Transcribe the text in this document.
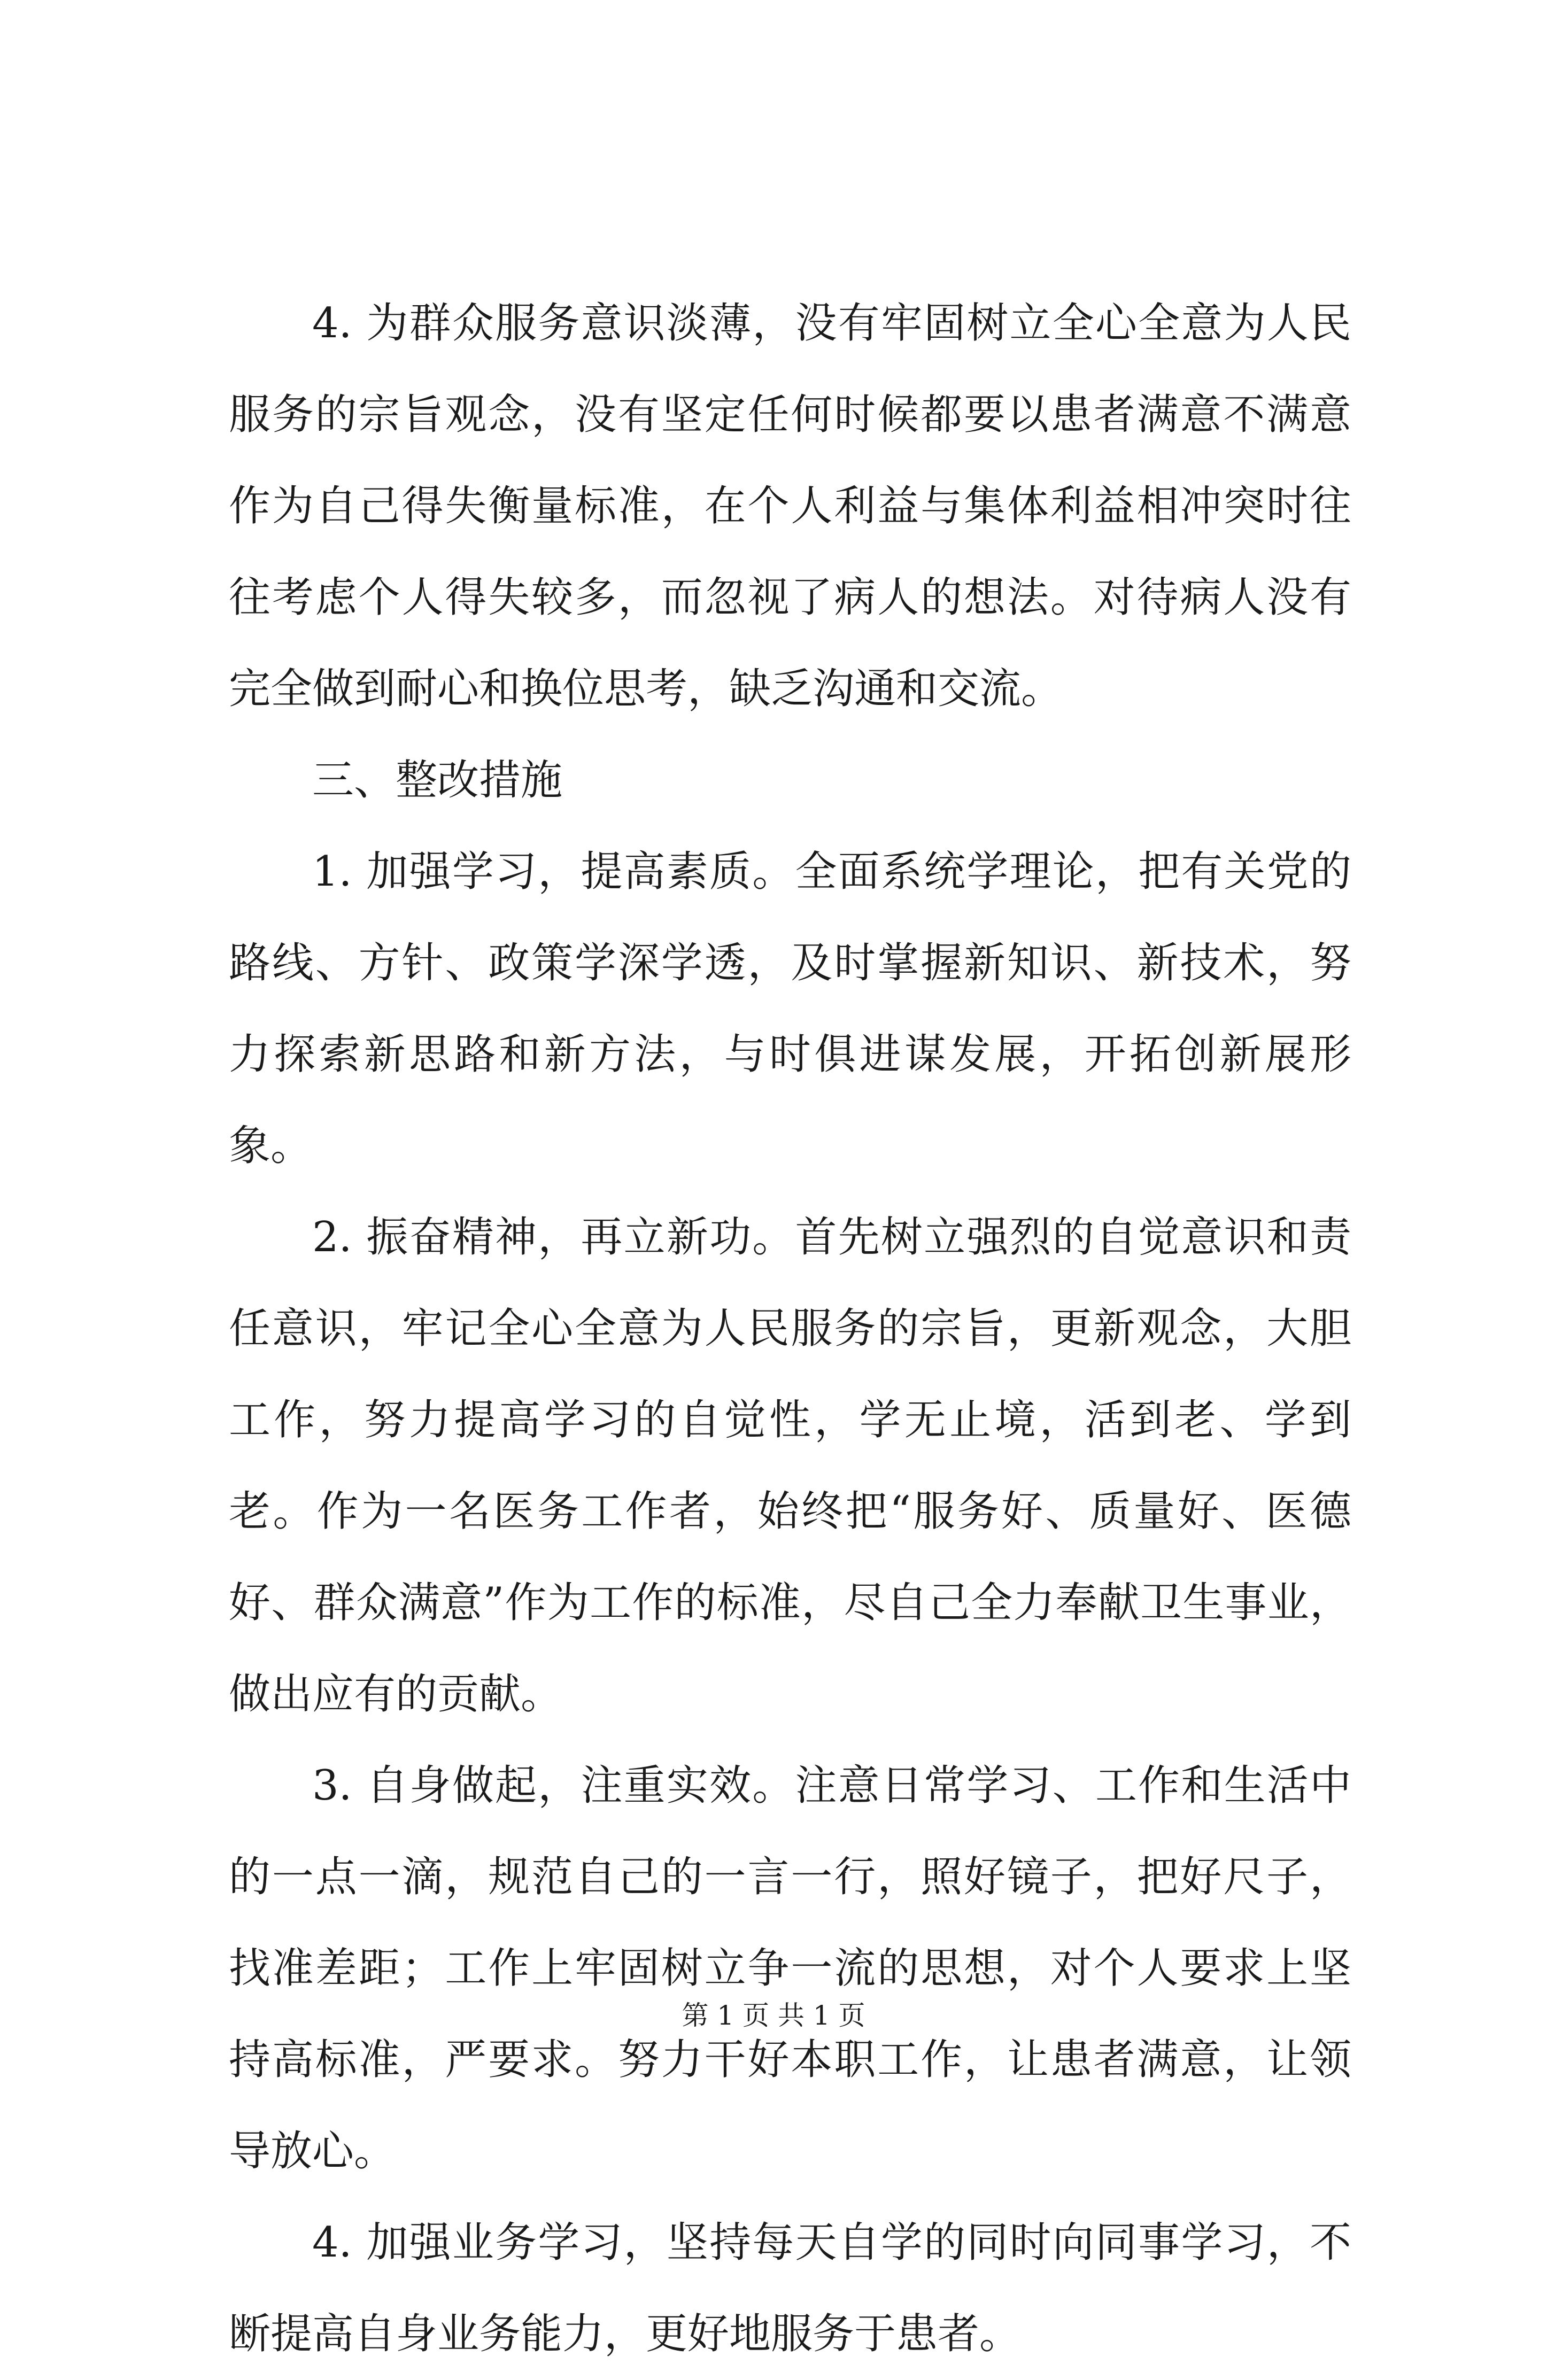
4. 为群众服务意识淡薄，没有牢固树立全心全意为人民服务的宗旨观念，没有坚定任何时候都要以患者满意不满意作为自己得失衡量标准，在个人利益与集体利益相冲突时往往考虑个人得失较多，而忽视了病人的想法。对待病人没有完全做到耐心和换位思考，缺乏沟通和交流。

三、整改措施

1. 加强学习，提高素质。全面系统学理论，把有关党的路线、方针、政策学深学透，及时掌握新知识、新技术，努力探索新思路和新方法，与时俱进谋发展，开拓创新展形象。

2. 振奋精神，再立新功。首先树立强烈的自觉意识和责任意识，牢记全心全意为人民服务的宗旨，更新观念，大胆工作，努力提高学习的自觉性，学无止境，活到老、学到老。作为一名医务工作者，始终把“服务好、质量好、医德好、群众满意”作为工作的标准，尽自己全力奉献卫生事业，做出应有的贡献。

3. 自身做起，注重实效。注意日常学习、工作和生活中的一点一滴，规范自己的一言一行，照好镜子，把好尺子，找准差距；工作上牢固树立争一流的思想，对个人要求上坚持高标准，严要求。努力干好本职工作，让患者满意，让领导放心。

4. 加强业务学习，坚持每天自学的同时向同事学习，不断提高自身业务能力，更好地服务于患者。

第 1 页 共 1 页
